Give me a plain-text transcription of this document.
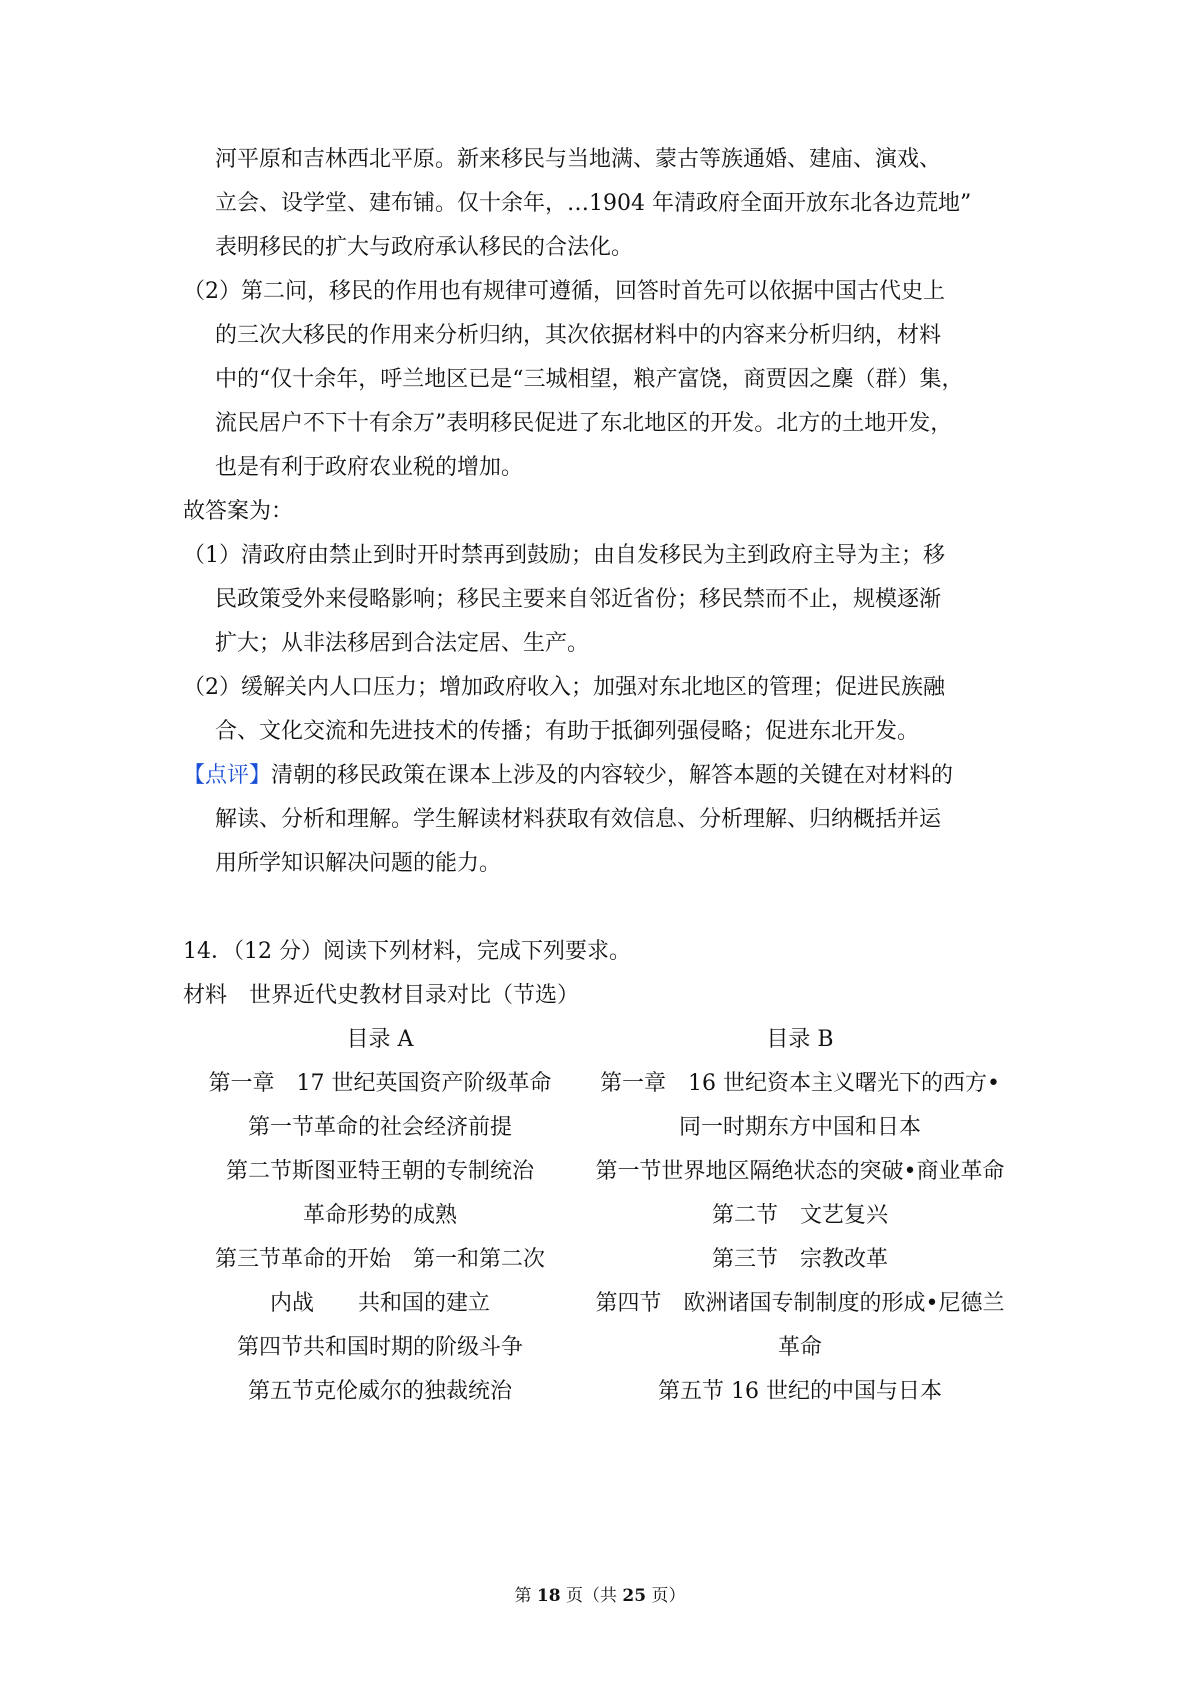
河平原和吉林西北平原。新来移民与当地满、蒙古等族通婚、建庙、演戏、
立会、设学堂、建布铺。仅十余年，…1904 年清政府全面开放东北各边荒地”
表明移民的扩大与政府承认移民的合法化。
（2）第二问，移民的作用也有规律可遵循，回答时首先可以依据中国古代史上
的三次大移民的作用来分析归纳，其次依据材料中的内容来分析归纳，材料
中的“仅十余年，呼兰地区已是“三城相望，粮产富饶，商贾因之麇（群）集，
流民居户不下十有余万”表明移民促进了东北地区的开发。北方的土地开发，
也是有利于政府农业税的增加。
故答案为：
（1）清政府由禁止到时开时禁再到鼓励；由自发移民为主到政府主导为主；移
民政策受外来侵略影响；移民主要来自邻近省份；移民禁而不止，规模逐渐
扩大；从非法移居到合法定居、生产。
（2）缓解关内人口压力；增加政府收入；加强对东北地区的管理；促进民族融
合、文化交流和先进技术的传播；有助于抵御列强侵略；促进东北开发。
【点评】清朝的移民政策在课本上涉及的内容较少，解答本题的关键在对材料的
解读、分析和理解。学生解读材料获取有效信息、分析理解、归纳概括并运
用所学知识解决问题的能力。
14．（12 分）阅读下列材料，完成下列要求。
材料　世界近代史教材目录对比（节选）
目录 A
第一章　17 世纪英国资产阶级革命
第一节革命的社会经济前提
第二节斯图亚特王朝的专制统治
革命形势的成熟
第三节革命的开始　第一和第二次
内战　　共和国的建立
第四节共和国时期的阶级斗争
第五节克伦威尔的独裁统治
目录 B
第一章　16 世纪资本主义曙光下的西方•
同一时期东方中国和日本
第一节世界地区隔绝状态的突破•商业革命
第二节　文艺复兴
第三节　宗教改革
第四节　欧洲诸国专制制度的形成•尼德兰
革命
第五节 16 世纪的中国与日本
第 18 页（共 25 页）
